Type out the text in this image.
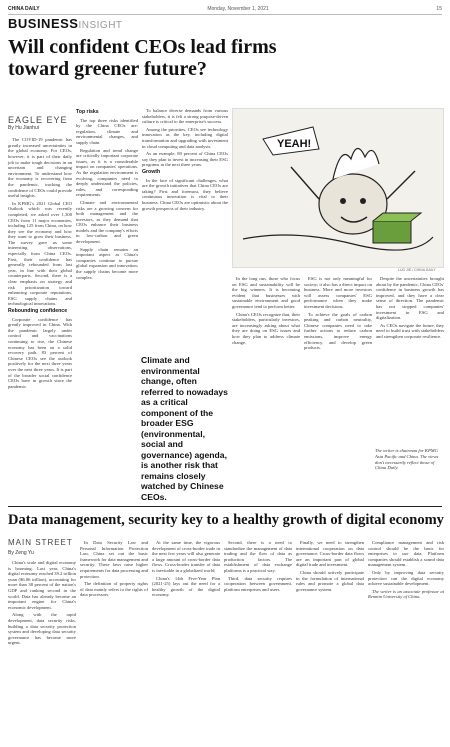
CHINA DAILY	Monday, November 1, 2021	15
BUSINESSINSIGHT
Will confident CEOs lead firms toward greener future?
EAGLE EYE
By Hu Jianhui

The COVID-19 pandemic has greatly increased uncertainties in the global economy. For CEOs, however, it is part of their daily job to make tough decisions in an uncertain and changing environment. To understand how the economy is recovering from the pandemic, tracking the confidence of CEOs could provide useful insights.

In KPMG's 2021 Global CEO Outlook which was recently completed, we asked over 1,300 CEOs from 11 major economies, including 125 from China, on how they see the economy and how they want to grow their business. The survey gave us some interesting observations, especially from China CEOs. First, their confidence has generally rebounded from last year, in line with their global counterparts. Second, there is a clear emphasis on strategy and risk prioritization toward enhancing corporate reputations, ESG supply chains and technological innovations.

Rebounding confidence

Corporate confidence has greatly improved in China. With the pandemic largely under control and vaccinations continuing to rise, the Chinese economy has been on a solid recovery path. 83 percent of Chinese CEOs see the outlook positively for the next three years over the next three years. It is part of the broader social confidence CEOs have in growth since the pandemic.

Top risks

The top three risks identified by the China CEOs are: regulation, climate and environmental changes, and supply chain.

Regulation and trend change are critically important corporate issues, as it is a considerable impact on companies' operations. As the regulation environment is evolving, companies need to deeply understand the policies, rules, and corresponding requirements.

Climate and environmental risks are a growing concern for both management and the investors, as they demand that CEOs enhance their business models and the company's efforts in low-carbon and green development.

Supply chain remains an important aspect as China's companies continue to pursue global expansion and innovation; the supply chains become more complex.

To balance diverse demands from various stakeholders, it is felt a strong purpose-driven culture is critical to the enterprise's success.

Among the priorities, CEOs see technology innovation as the key, including digital transformation and upgrading with investment in cloud computing and data analysis.

As an example, 80 percent of China CEOs say they plan to invest in increasing their ESG programs in the next three years.

Growth

In the face of significant challenges, what are the growth initiatives that China CEOs are taking? First and foremost, they believe continuous innovation is vital to their business. China CEOs are optimistic about the growth prospects of their industry.

Climate and environmental change, often referred to nowadays as a critical component of the broader ESG (environmental, social and governance) agenda, is another risk that remains closely watched by Chinese CEOs.
YEAH!
LUO JIE / CHINA DAILY

In the long run, those who focus on ESG and sustainability will be the big winners. It is becoming evident that businesses with sustainable environment and good governance tend to perform better.

China's CEOs recognize that, their stakeholders, particularly investors, are increasingly asking about what they are doing on ESG issues and how they plan to address climate change.

ESG is not only meaningful for society; it also has a direct impact on business. More and more investors will assess companies' ESG performance when they make investment decisions.

To achieve the goals of carbon peaking and carbon neutrality, Chinese companies need to take further actions to reduce carbon emissions, improve energy efficiency, and develop green products.

Despite the uncertainties brought about by the pandemic, China CEOs' confidence in business growth has improved, and they have a clear sense of direction. The pandemic has not stopped companies' investment in ESG and digitalization.

As CEOs navigate the future, they need to build trust with stakeholders and strengthen corporate resilience.

The writer is chairman for KPMG Asia Pacific and China. The views don't necessarily reflect those of China Daily.
Data management, security key to a healthy growth of digital economy
MAIN STREET
By Zeng Yu

China's scale and digital economy is booming. Last year, China's digital economy reached 39.2 trillion yuan ($6.06 trillion), accounting for more than 38 percent of the nation's GDP and ranking second in the world. Data has already become an important engine for China's economic development.

Along with the rapid development, data security risks, building a data security protection system and developing data security governance has become more urgent.

In Data Security Law and Personal Information Protection Law, China set out the basic framework for data management and security. These laws raise higher requirements for data processing and protection.

The definition of property rights of data mainly refers to the rights of data processors.

At the same time, the vigorous development of cross-border trade in the next few years will also generate a large amount of cross-border data flows. Cross-border transfer of data is inevitable in a globalized world.

China's 14th Five-Year Plan (2021-25) lays out the need for a healthy growth of the digital economy.

Second, there is a need to standardize the management of data trading and the flow of data as production factors. The establishment of data exchange platforms is a practical way.

Third, data security requires cooperation between government, platform enterprises and users.

Finally, we need to strengthen international cooperation on data governance. Cross-border data flows are an important part of global digital trade and investment.

China should actively participate in the formulation of international rules and promote a global data governance system.

Compliance management and risk control should be the basis for enterprises to use data. Platform companies should establish a sound data management system.

Only by improving data security protection can the digital economy achieve sustainable development.

The writer is an associate professor at Renmin University of China.
